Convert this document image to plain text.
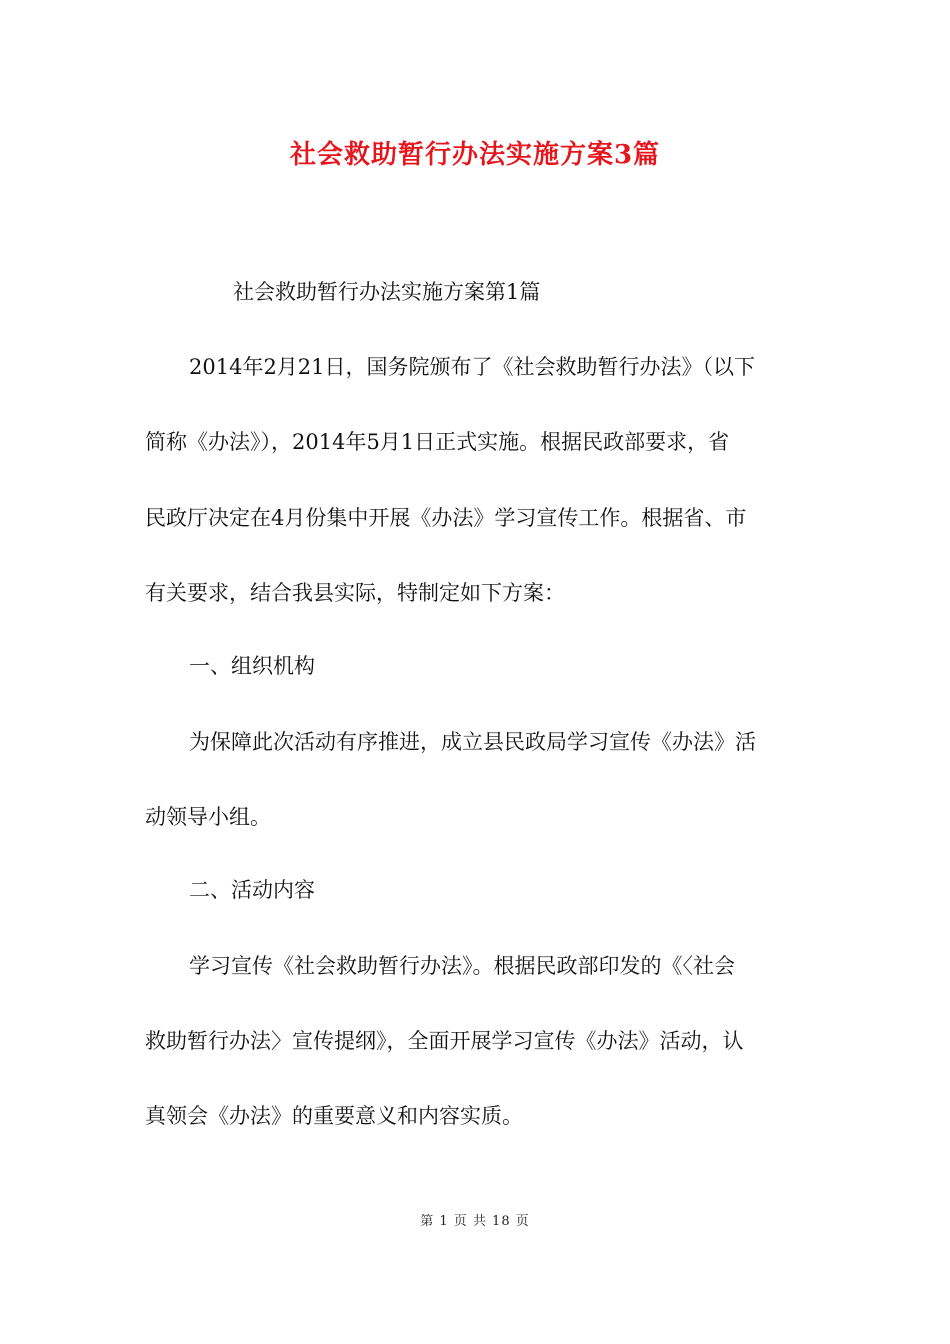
社会救助暂行办法实施方案3篇
社会救助暂行办法实施方案第1篇
2014年2月21日，国务院颁布了《社会救助暂行办法》（以下
简称《办法》），2014年5月1日正式实施。根据民政部要求，省
民政厅决定在4月份集中开展《办法》学习宣传工作。根据省、市
有关要求，结合我县实际，特制定如下方案：
一、组织机构
为保障此次活动有序推进，成立县民政局学习宣传《办法》活
动领导小组。
二、活动内容
学习宣传《社会救助暂行办法》。根据民政部印发的《〈社会
救助暂行办法〉宣传提纲》，全面开展学习宣传《办法》活动，认
真领会《办法》的重要意义和内容实质。
第 1 页 共 18 页
